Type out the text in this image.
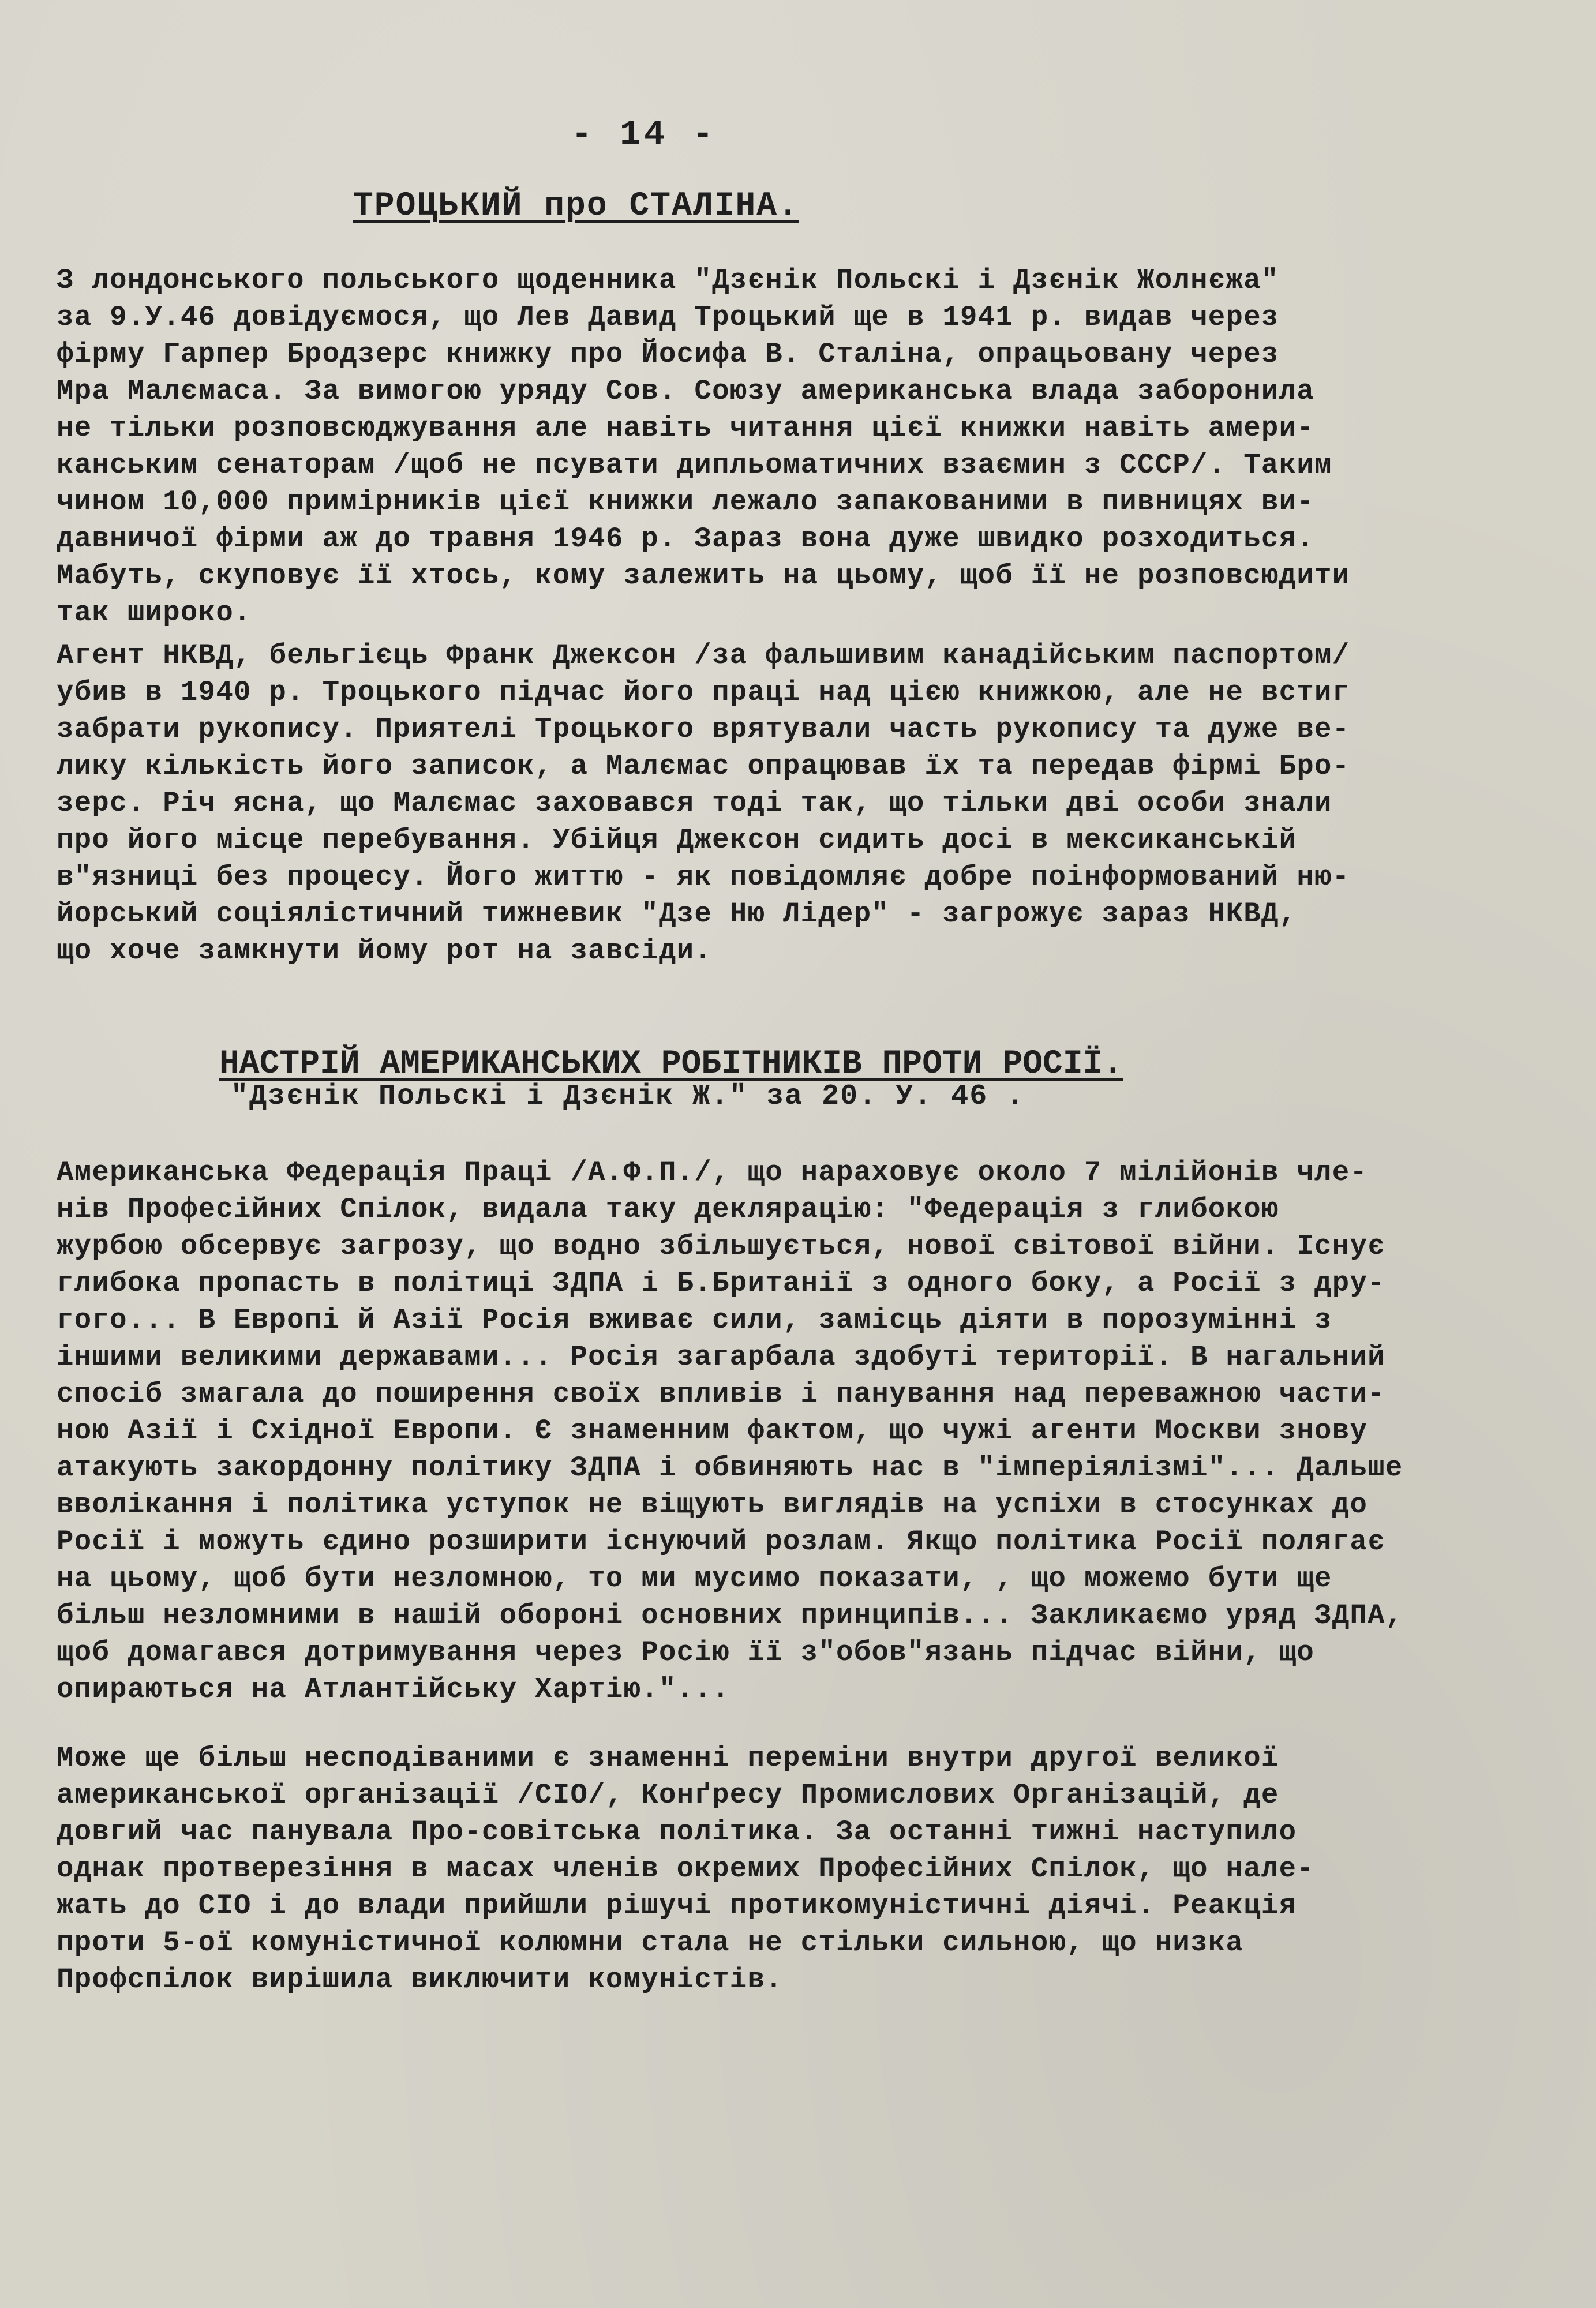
- 14 -
ТРОЦЬКИЙ про СТАЛІНА.
З лондонського польського щоденника "Дзєнік Польскі і Дзєнік Жолнєжа"
за 9.У.46 довідуємося, що Лев Давид Троцький ще в 1941 р. видав через
фірму Гарпер Бродзерс книжку про Йосифа В. Сталіна, опрацьовану через
Мра Малємаса. За вимогою уряду Сов. Союзу американська влада заборонила
не тільки розповсюджування але навіть читання цієї книжки навіть амери-
канським сенаторам /щоб не псувати дипльоматичних взаємин з СССР/. Таким
чином 10,000 примірників цієї книжки лежало запакованими в пивницях ви-
давничої фірми аж до травня 1946 р. Зараз вона дуже швидко розходиться.
Мабуть, скуповує її хтось, кому залежить на цьому, щоб її не розповсюдити
так широко.
Агент НКВД, бельгієць Франк Джексон /за фальшивим канадійським паспортом/
убив в 1940 р. Троцького підчас його праці над цією книжкою, але не встиг
забрати рукопису. Приятелі Троцького врятували часть рукопису та дуже ве-
лику кількість його записок, а Малємас опрацював їх та передав фірмі Бро-
зерс. Річ ясна, що Малємас заховався тоді так, що тільки дві особи знали
про його місце перебування. Убійця Джексон сидить досі в мексиканській
в"язниці без процесу. Його життю - як повідомляє добре поінформований ню-
йорський соціялістичний тижневик "Дзе Ню Лідер" - загрожує зараз НКВД,
що хоче замкнути йому рот на завсіди.
НАСТРІЙ АМЕРИКАНСЬКИХ РОБІТНИКІВ ПРОТИ РОСІЇ.
"Дзєнік Польскі і Дзєнік Ж." за 20. У. 46 .
Американська Федерація Праці /А.Ф.П./, що нараховує около 7 мілійонів чле-
нів Професійних Спілок, видала таку деклярацію: "Федерація з глибокою
журбою обсервує загрозу, що водно збільшується, нової світової війни. Існує
глибока пропасть в політиці ЗДПА і Б.Британії з одного боку, а Росії з дру-
гого... В Европі й Азії Росія вживає сили, замісць діяти в порозумінні з
іншими великими державами... Росія загарбала здобуті території. В нагальний
спосіб змагала до поширення своїх впливів і панування над переважною части-
ною Азії і Східної Европи. Є знаменним фактом, що чужі агенти Москви знову
атакують закордонну політику ЗДПА і обвиняють нас в "імперіялізмі"... Дальше
вволікання і політика уступок не віщують виглядів на успіхи в стосунках до
Росії і можуть єдино розширити існуючий розлам. Якщо політика Росії полягає
на цьому, щоб бути незломною, то ми мусимо показати, , що можемо бути ще
більш незломними в нашій обороні основних принципів... Закликаємо уряд ЗДПА,
щоб домагався дотримування через Росію її з"обов"язань підчас війни, що
опираються на Атлантійську Хартію."...
Може ще більш несподіваними є знаменні переміни внутри другої великої
американської організації /СІО/, Конґресу Промислових Організацій, де
довгий час панувала Про-совітська політика. За останні тижні наступило
однак протверезіння в масах членів окремих Професійних Спілок, що нале-
жать до СІО і до влади прийшли рішучі протикомуністичні діячі. Реакція
проти 5-ої комуністичної колюмни стала не стільки сильною, що низка
Профспілок вирішила виключити комуністів.
